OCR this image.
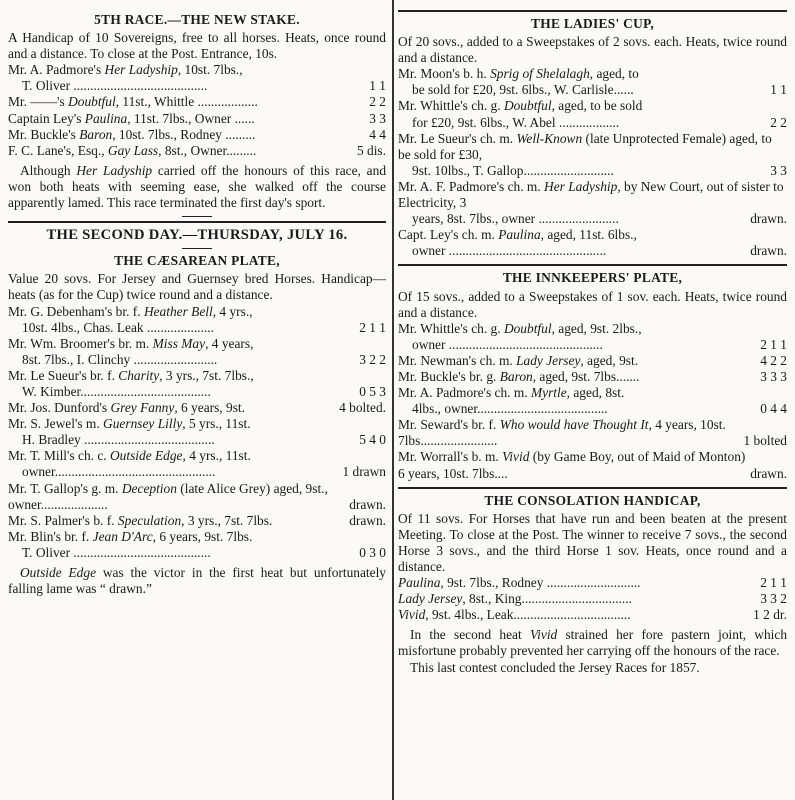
5TH RACE.—THE NEW STAKE.

A Handicap of 10 Sovereigns, free to all horses. Heats, once round and a distance. To close at the Post. Entrance, 10s.

Mr. A. Padmore's Her Ladyship, 10st. 7lbs.,
T. Oliver ........................................	1 1
Mr. ——'s Doubtful, 11st., Whittle ..................	2 2
Captain Ley's Paulina, 11st. 7lbs., Owner ......	3 3
Mr. Buckle's Baron, 10st. 7lbs., Rodney .........	4 4
F. C. Lane's, Esq., Gay Lass, 8st., Owner.........	5 dis.

Although Her Ladyship carried off the honours of this race, and won both heats with seeming ease, she walked off the course apparently lamed. This race terminated the first day's sport.

THE SECOND DAY.—THURSDAY, JULY 16.
THE CÆSAREAN PLATE,

Value 20 sovs. For Jersey and Guernsey bred Horses. Handicap—heats (as for the Cup) twice round and a distance.

Mr. G. Debenham's br. f. Heather Bell, 4 yrs.,
10st. 4lbs., Chas. Leak ....................	2 1 1
Mr. Wm. Broomer's br. m. Miss May, 4 years,
8st. 7lbs., I. Clinchy .........................	3 2 2
Mr. Le Sueur's br. f. Charity, 3 yrs., 7st. 7lbs.,
W. Kimber.......................................	0 5 3
Mr. Jos. Dunford's Grey Fanny, 6 years, 9st.	4 bolted.
Mr. S. Jewel's m. Guernsey Lilly, 5 yrs., 11st.
H. Bradley .......................................	5 4 0
Mr. T. Mill's ch. c. Outside Edge, 4 yrs., 11st.
owner................................................	1 drawn
Mr. T. Gallop's g. m. Deception (late Alice Grey) aged, 9st., owner....................	drawn.
Mr. S. Palmer's b. f. Speculation, 3 yrs., 7st. 7lbs.	drawn.
Mr. Blin's br. f. Jean D'Arc, 6 years, 9st. 7lbs.
T. Oliver .........................................	0 3 0

Outside Edge was the victor in the first heat but unfortunately falling lame was “ drawn.”

THE LADIES' CUP,

Of 20 sovs., added to a Sweepstakes of 2 sovs. each. Heats, twice round and a distance.

Mr. Moon's b. h. Sprig of Shelalagh, aged, to
be sold for £20, 9st. 6lbs., W. Carlisle......	1 1
Mr. Whittle's ch. g. Doubtful, aged, to be sold
for £20, 9st. 6lbs., W. Abel ..................	2 2
Mr. Le Sueur's ch. m. Well-Known (late Unprotected Female) aged, to be sold for £30,
9st. 10lbs., T. Gallop...........................	3 3
Mr. A. F. Padmore's ch. m. Her Ladyship, by New Court, out of sister to Electricity, 3
years, 8st. 7lbs., owner ........................	drawn.
Capt. Ley's ch. m. Paulina, aged, 11st. 6lbs.,
owner ...............................................	drawn.
THE INNKEEPERS' PLATE,

Of 15 sovs., added to a Sweepstakes of 1 sov. each. Heats, twice round and a distance.

Mr. Whittle's ch. g. Doubtful, aged, 9st. 2lbs.,
owner ..............................................	2 1 1
Mr. Newman's ch. m. Lady Jersey, aged, 9st.	4 2 2
Mr. Buckle's br. g. Baron, aged, 9st. 7lbs.......	3 3 3
Mr. A. Padmore's ch. m. Myrtle, aged, 8st.
4lbs., owner.......................................	0 4 4
Mr. Seward's br. f. Who would have Thought It, 4 years, 10st. 7lbs.......................	1 bolted
Mr. Worrall's b. m. Vivid (by Game Boy, out of Maid of Monton) 6 years, 10st. 7lbs....	drawn.
THE CONSOLATION HANDICAP,

Of 11 sovs. For Horses that have run and been beaten at the present Meeting. To close at the Post. The winner to receive 7 sovs., the second Horse 3 sovs., and the third Horse 1 sov. Heats, once round and a distance.

Paulina, 9st. 7lbs., Rodney ............................	2 1 1
Lady Jersey, 8st., King.................................	3 3 2
Vivid, 9st. 4lbs., Leak...................................	1 2 dr.

In the second heat Vivid strained her fore pastern joint, which misfortune probably prevented her carrying off the honours of the race.

This last contest concluded the Jersey Races for 1857.
